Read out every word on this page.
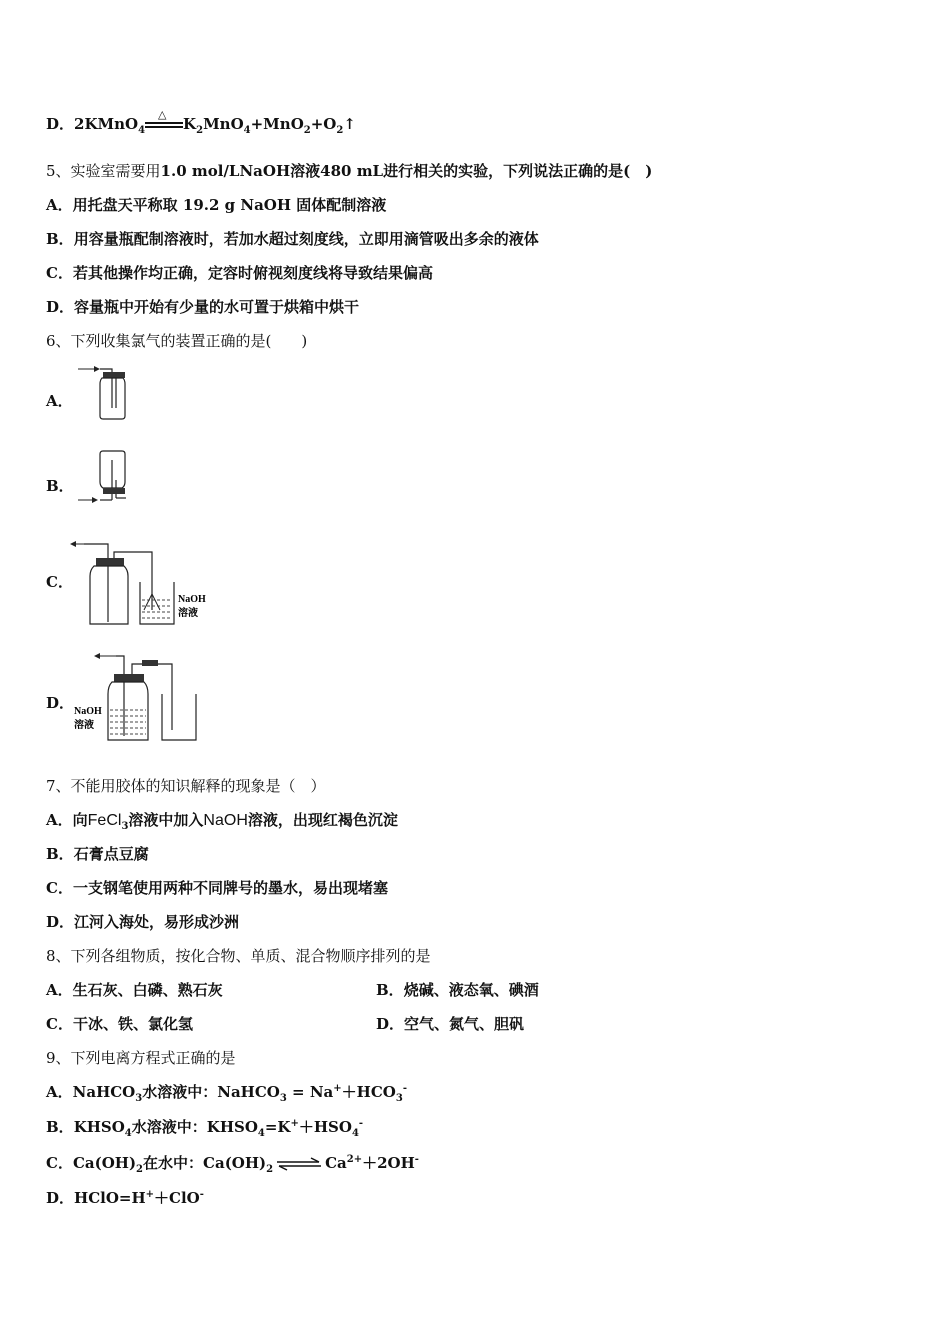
D．2KMnO$_4$
△
$K_2MnO_4+MnO_2+O_2↑$
5、实验室需要用1.0 mol/LNaOH溶液480 mL进行相关的实验，下列说法正确的是(　)
A．用托盘天平称取 19.2 g NaOH 固体配制溶液
B．用容量瓶配制溶液时，若加水超过刻度线，立即用滴管吸出多余的液体
C．若其他操作均正确，定容时俯视刻度线将导致结果偏高
D．容量瓶中开始有少量的水可置于烘箱中烘干
6、下列收集氯气的装置正确的是(　　)
A．
B．
C．
NaOH
溶液
D． NaOH
溶液
7、不能用胶体的知识解释的现象是（　）
A．向FeCl$_3$溶液中加入NaOH溶液，出现红褐色沉淀
B．石膏点豆腐
C．一支钢笔使用两种不同牌号的墨水，易出现堵塞
D．江河入海处，易形成沙洲
8、下列各组物质，按化合物、单质、混合物顺序排列的是
A．生石灰、白磷、熟石灰	B．烧碱、液态氧、碘酒
C．干冰、铁、氯化氢	D．空气、氮气、胆矾
9、下列电离方程式正确的是
A．NaHCO$_3$水溶液中：NaHCO$_3$ = $Na^++HCO_3^-$
B．$KHSO_4$水溶液中：$KHSO_4=K^++HSO_4^-$
C．$Ca(OH)_2$在水中：$Ca(OH)_2$ ⇌ $Ca^{2+}+2OH^-$
D．HClO=H+＋ClO-
